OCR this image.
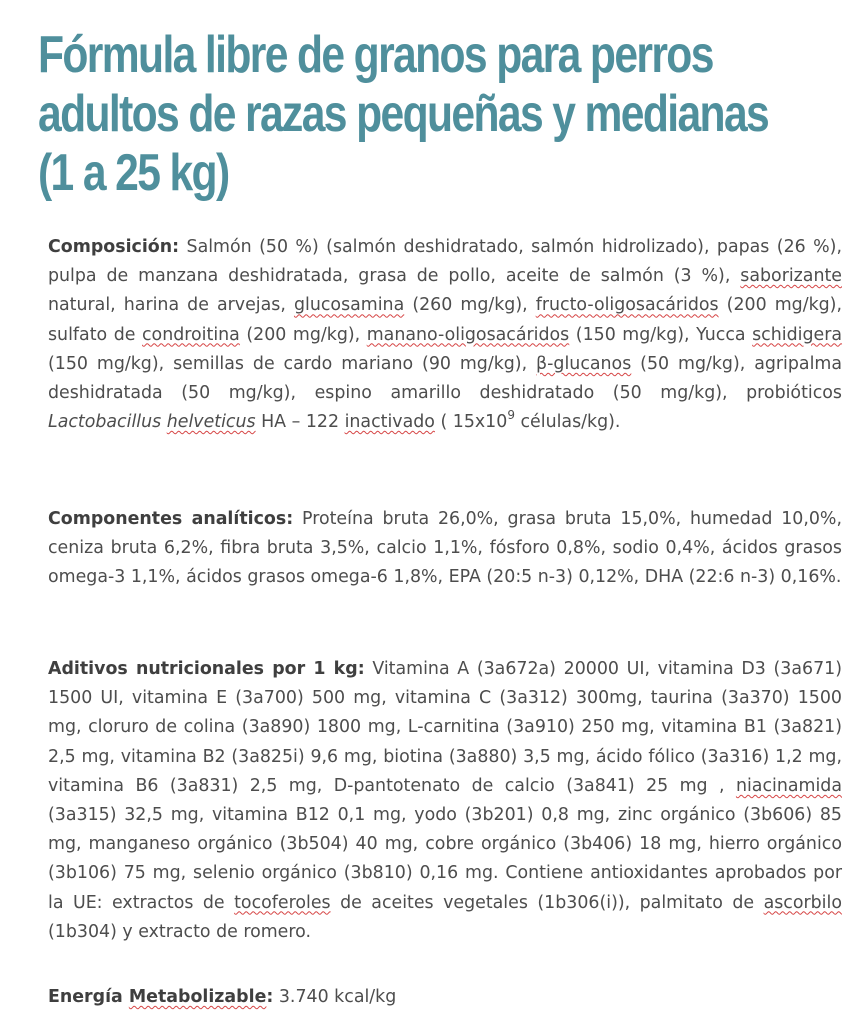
Fórmula libre de granos para perros
adultos de razas pequeñas y medianas
(1 a 25 kg)

Composición: Salmón (50 %) (salmón deshidratado, salmón hidrolizado), papas (26 %), pulpa de manzana deshidratada, grasa de pollo, aceite de salmón (3 %), saborizante natural, harina de arvejas, glucosamina (260 mg/kg), fructo-oligosacáridos (200 mg/kg), sulfato de condroitina (200 mg/kg), manano-oligosacáridos (150 mg/kg), Yucca schidigera (150 mg/kg), semillas de cardo mariano (90 mg/kg), β-glucanos (50 mg/kg), agripalma deshidratada (50 mg/kg), espino amarillo deshidratado (50 mg/kg), probióticos Lactobacillus helveticus HA – 122 inactivado ( $15x10^9$ células/kg).

Componentes analíticos: Proteína bruta 26,0%, grasa bruta 15,0%, humedad 10,0%, ceniza bruta 6,2%, fibra bruta 3,5%, calcio 1,1%, fósforo 0,8%, sodio 0,4%, ácidos grasos omega-3 1,1%, ácidos grasos omega-6 1,8%, EPA (20:5 n-3) 0,12%, DHA (22:6 n-3) 0,16%.

Aditivos nutricionales por 1 kg: Vitamina A (3a672a) 20000 UI, vitamina D3 (3a671) 1500 UI, vitamina E (3a700) 500 mg, vitamina C (3a312) 300mg, taurina (3a370) 1500 mg, cloruro de colina (3a890) 1800 mg, L-carnitina (3a910) 250 mg, vitamina B1 (3a821) 2,5 mg, vitamina B2 (3a825i) 9,6 mg, biotina (3a880) 3,5 mg, ácido fólico (3a316) 1,2 mg, vitamina B6 (3a831) 2,5 mg, D-pantotenato de calcio (3a841) 25 mg , niacinamida (3a315) 32,5 mg, vitamina B12 0,1 mg, yodo (3b201) 0,8 mg, zinc orgánico (3b606) 85 mg, manganeso orgánico (3b504) 40 mg, cobre orgánico (3b406) 18 mg, hierro orgánico (3b106) 75 mg, selenio orgánico (3b810) 0,16 mg. Contiene antioxidantes aprobados por la UE: extractos de tocoferoles de aceites vegetales (1b306(i)), palmitato de ascorbilo (1b304) y extracto de romero.

Energía Metabolizable: 3.740 kcal/kg
